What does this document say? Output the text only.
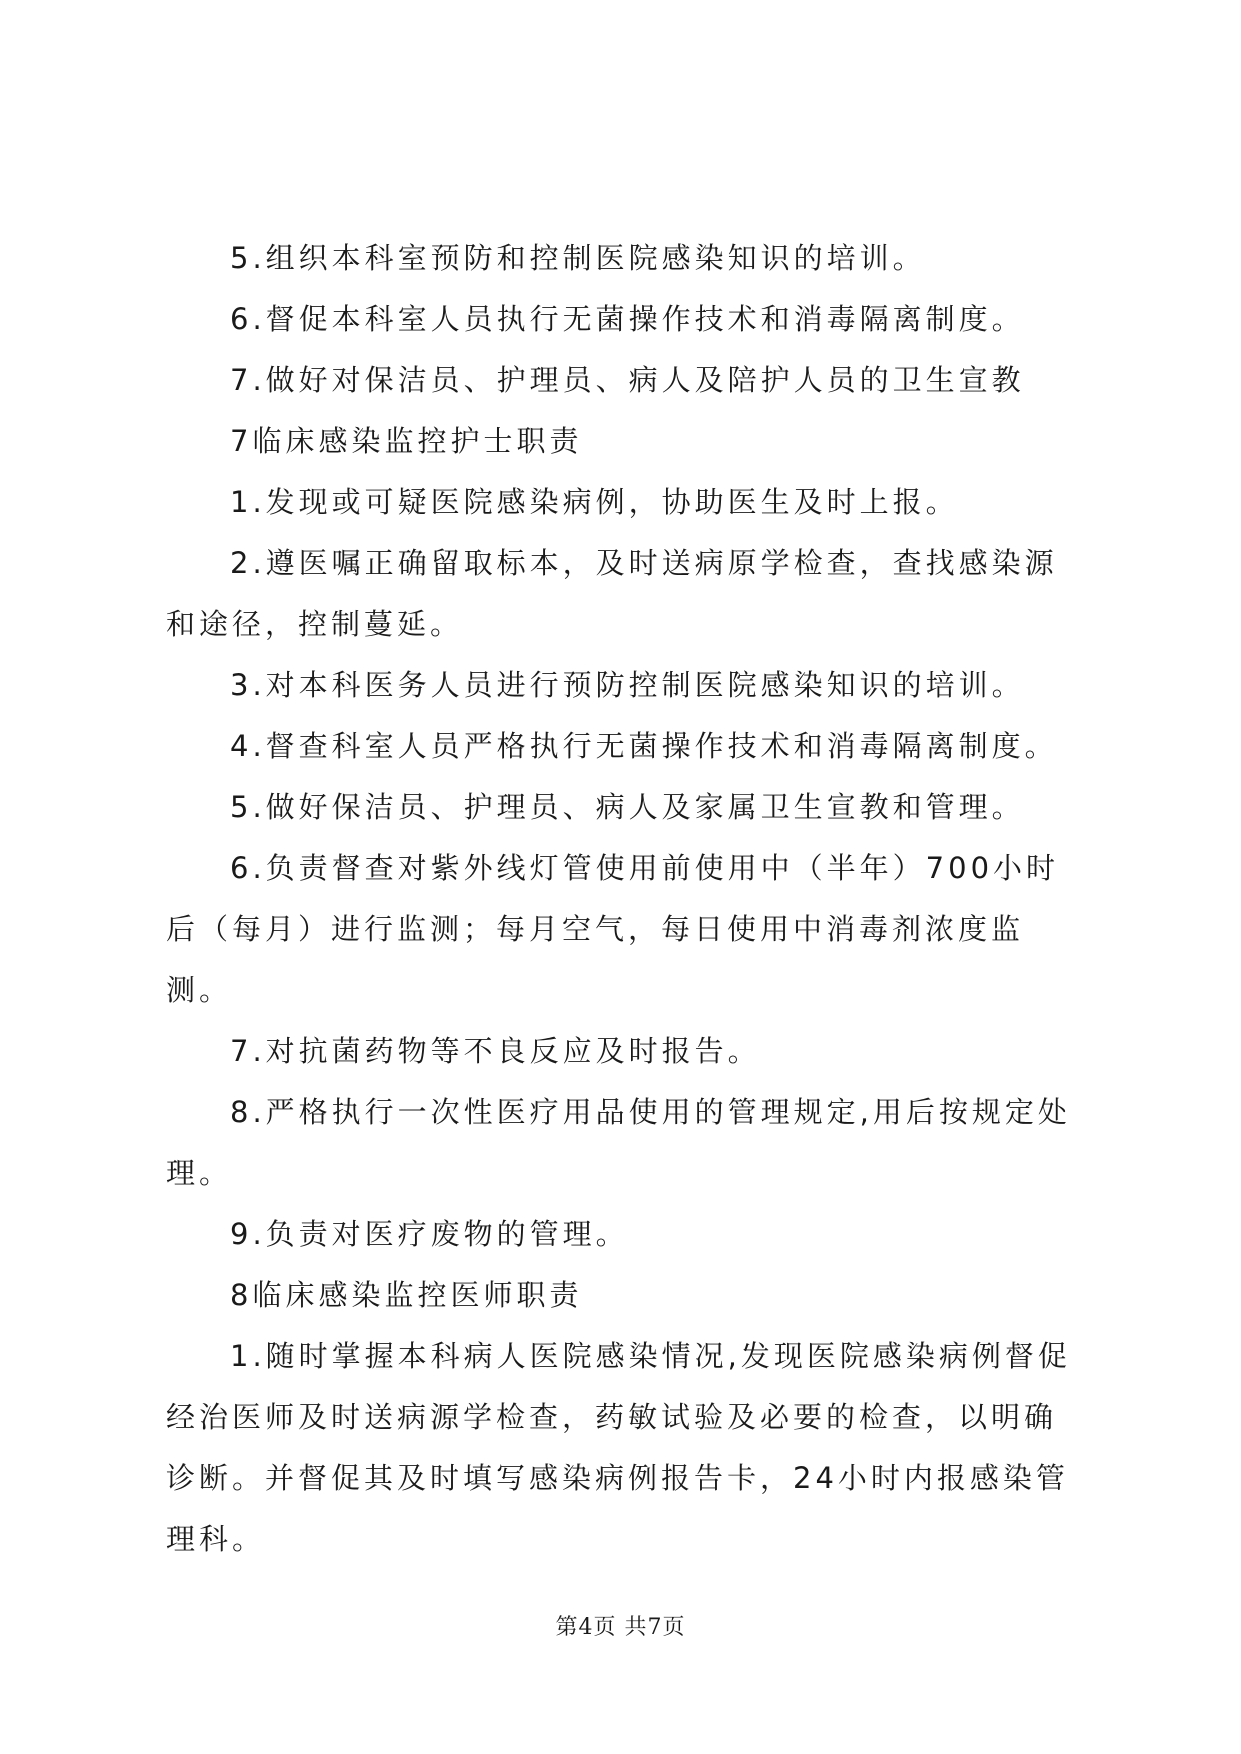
5.组织本科室预防和控制医院感染知识的培训。

6.督促本科室人员执行无菌操作技术和消毒隔离制度。

7.做好对保洁员、护理员、病人及陪护人员的卫生宣教

7临床感染监控护士职责

1.发现或可疑医院感染病例，协助医生及时上报。

2.遵医嘱正确留取标本，及时送病原学检查，查找感染源和途径，控制蔓延。

3.对本科医务人员进行预防控制医院感染知识的培训。

4.督查科室人员严格执行无菌操作技术和消毒隔离制度。

5.做好保洁员、护理员、病人及家属卫生宣教和管理。

6.负责督查对紫外线灯管使用前使用中（半年）700小时后（每月）进行监测；每月空气，每日使用中消毒剂浓度监测。

7.对抗菌药物等不良反应及时报告。

8.严格执行一次性医疗用品使用的管理规定,用后按规定处理。

9.负责对医疗废物的管理。

8临床感染监控医师职责

1.随时掌握本科病人医院感染情况,发现医院感染病例督促经治医师及时送病源学检查，药敏试验及必要的检查，以明确诊断。并督促其及时填写感染病例报告卡，24小时内报感染管理科。

第4页 共7页
